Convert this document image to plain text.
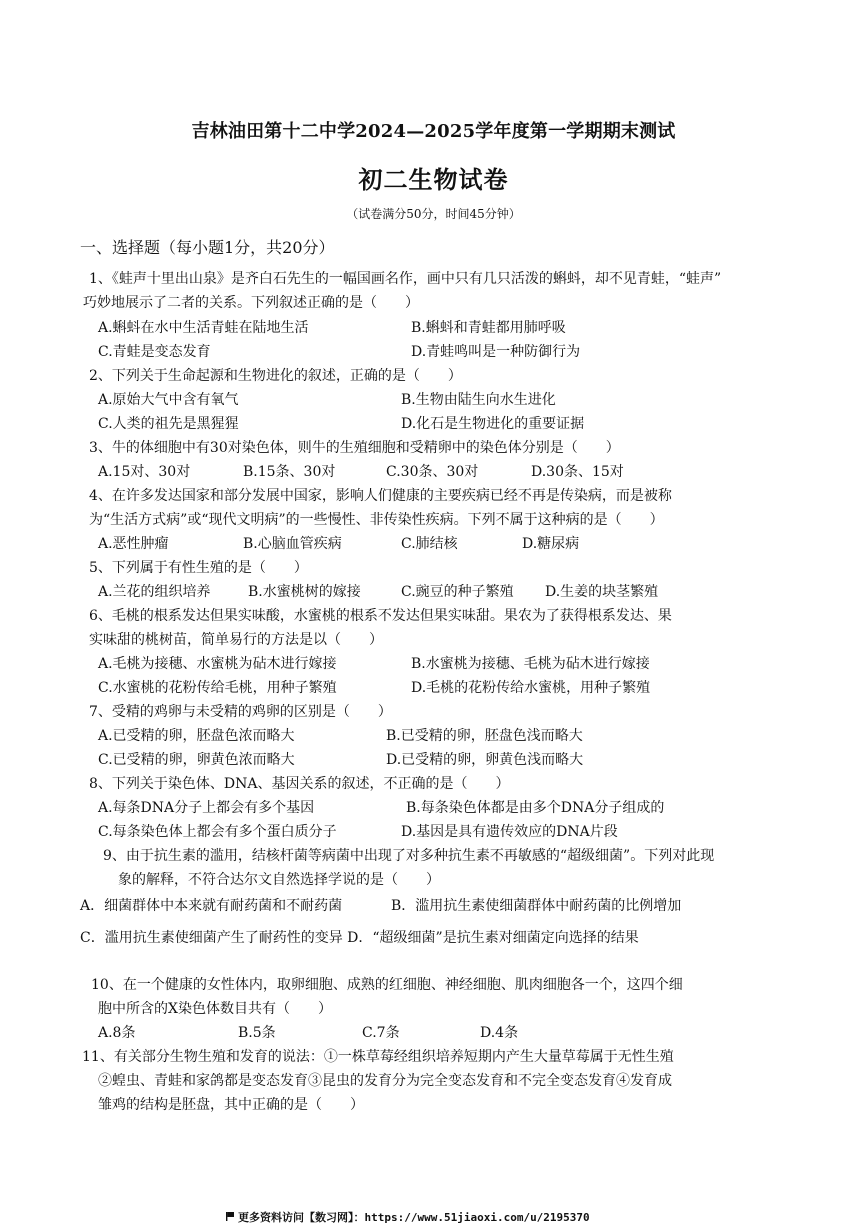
吉林油田第十二中学2024—2025学年度第一学期期末测试
初二生物试卷
（试卷满分50分，时间45分钟）
一、选择题（每小题1分，共20分）
1、《蛙声十里出山泉》是齐白石先生的一幅国画名作，画中只有几只活泼的蝌蚪，却不见青蛙，“蛙声”
巧妙地展示了二者的关系。下列叙述正确的是（　　）
A.蝌蚪在水中生活青蛙在陆地生活	B.蝌蚪和青蛙都用肺呼吸
C.青蛙是变态发育	D.青蛙鸣叫是一种防御行为
2、下列关于生命起源和生物进化的叙述，正确的是（　　）
A.原始大气中含有氧气	B.生物由陆生向水生进化
C.人类的祖先是黑猩猩	D.化石是生物进化的重要证据
3、牛的体细胞中有30对染色体，则牛的生殖细胞和受精卵中的染色体分别是（　　）
A.15对、30对	B.15条、30对	C.30条、30对	D.30条、15对
4、在许多发达国家和部分发展中国家，影响人们健康的主要疾病已经不再是传染病，而是被称
为“生活方式病”或“现代文明病”的一些慢性、非传染性疾病。下列不属于这种病的是（　　）
A.恶性肿瘤	B.心脑血管疾病	C.肺结核	D.糖尿病
5、下列属于有性生殖的是（　　）
A.兰花的组织培养	B.水蜜桃树的嫁接	C.豌豆的种子繁殖 D.生姜的块茎繁殖
6、毛桃的根系发达但果实味酸，水蜜桃的根系不发达但果实味甜。果农为了获得根系发达、果
实味甜的桃树苗，简单易行的方法是以（　　）
A.毛桃为接穗、水蜜桃为砧木进行嫁接	B.水蜜桃为接穗、毛桃为砧木进行嫁接
C.水蜜桃的花粉传给毛桃，用种子繁殖	D.毛桃的花粉传给水蜜桃，用种子繁殖
7、受精的鸡卵与未受精的鸡卵的区别是（　　）
A.已受精的卵，胚盘色浓而略大	B.已受精的卵，胚盘色浅而略大
C.已受精的卵，卵黄色浓而略大	D.已受精的卵，卵黄色浅而略大
8、下列关于染色体、DNA、基因关系的叙述，不正确的是（　　）
A.每条DNA分子上都会有多个基因	B.每条染色体都是由多个DNA分子组成的
C.每条染色体上都会有多个蛋白质分子	D.基因是具有遗传效应的DNA片段
9、由于抗生素的滥用，结核杆菌等病菌中出现了对多种抗生素不再敏感的“超级细菌”。下列对此现
象的解释，不符合达尔文自然选择学说的是（　　）
A．细菌群体中本来就有耐药菌和不耐药菌	B．滥用抗生素使细菌群体中耐药菌的比例增加
C．滥用抗生素使细菌产生了耐药性的变异 D．“超级细菌”是抗生素对细菌定向选择的结果
10、在一个健康的女性体内，取卵细胞、成熟的红细胞、神经细胞、肌肉细胞各一个，这四个细
胞中所含的X染色体数目共有（　　）
A.8条	B.5条	C.7条	D.4条
11、有关部分生物生殖和发育的说法：①一株草莓经组织培养短期内产生大量草莓属于无性生殖
②蝗虫、青蛙和家鸽都是变态发育③昆虫的发育分为完全变态发育和不完全变态发育④发育成
雏鸡的结构是胚盘，其中正确的是（　　）
更多资料访问【数习网】：https://www.51jiaoxi.com/u/2195370
